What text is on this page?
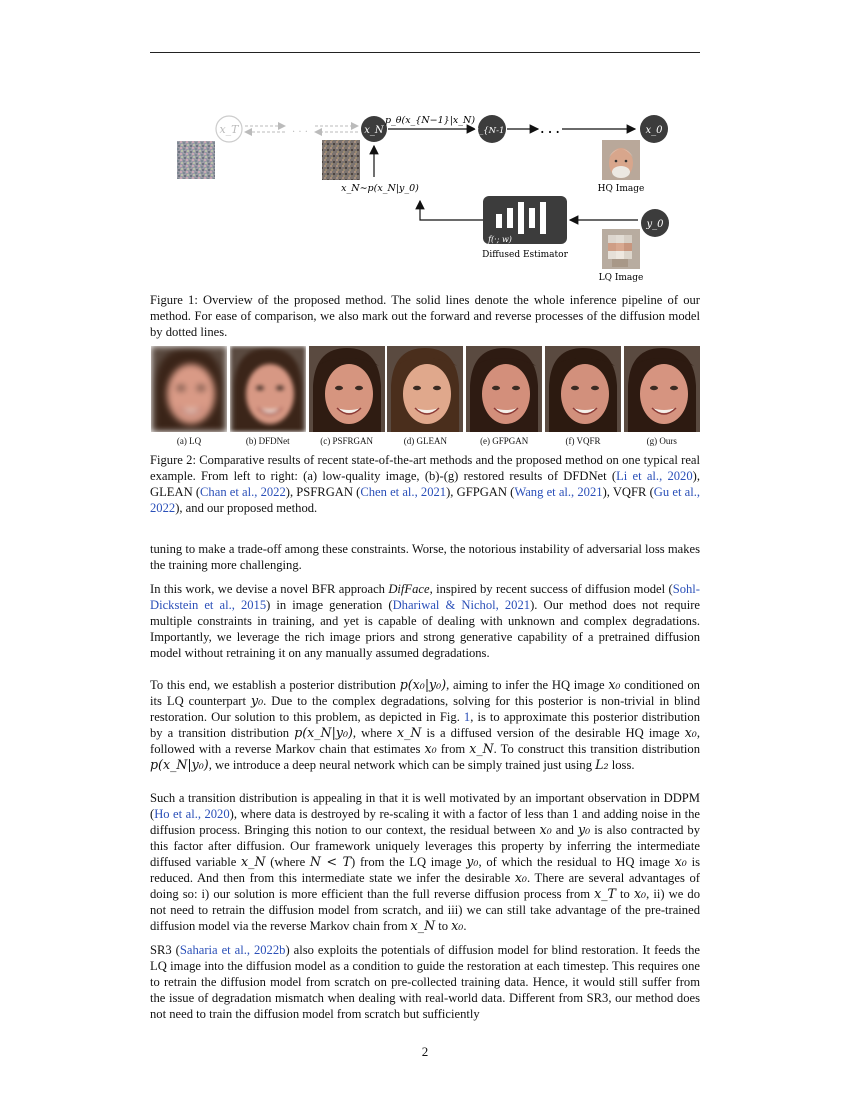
x_T	. . .	x_N
p_θ(x_{N−1}|x_N)
x_{N-1}	. . .	x_0
HQ Image
x_N∼p(x_N|y_0)
f(·; w)
Diffused Estimator
y_0
LQ Image
Figure 1: Overview of the proposed method. The solid lines denote the whole inference pipeline of our method. For ease of comparison, we also mark out the forward and reverse processes of the diffusion model by dotted lines.
(a) LQ	(b) DFDNet	(c) PSFRGAN	(d) GLEAN	(e) GFPGAN	(f) VQFR	(g) Ours
Figure 2: Comparative results of recent state-of-the-art methods and the proposed method on one typical real example. From left to right: (a) low-quality image, (b)-(g) restored results of DFDNet (Li et al., 2020), GLEAN (Chan et al., 2022), PSFRGAN (Chen et al., 2021), GFPGAN (Wang et al., 2021), VQFR (Gu et al., 2022), and our proposed method.

tuning to make a trade-off among these constraints. Worse, the notorious instability of adversarial loss makes the training more challenging.

In this work, we devise a novel BFR approach DifFace, inspired by recent success of diffusion model (Sohl-Dickstein et al., 2015) in image generation (Dhariwal & Nichol, 2021). Our method does not require multiple constraints in training, and yet is capable of dealing with unknown and complex degradations. Importantly, we leverage the rich image priors and strong generative capability of a pretrained diffusion model without retraining it on any manually assumed degradations.

To this end, we establish a posterior distribution p(x₀|y₀), aiming to infer the HQ image x₀ conditioned on its LQ counterpart y₀. Due to the complex degradations, solving for this posterior is non-trivial in blind restoration. Our solution to this problem, as depicted in Fig. 1, is to approximate this posterior distribution by a transition distribution p(x_N|y₀), where x_N is a diffused version of the desirable HQ image x₀, followed with a reverse Markov chain that estimates x₀ from x_N. To construct this transition distribution p(x_N|y₀), we introduce a deep neural network which can be simply trained just using L₂ loss.

Such a transition distribution is appealing in that it is well motivated by an important observation in DDPM (Ho et al., 2020), where data is destroyed by re-scaling it with a factor of less than 1 and adding noise in the diffusion process. Bringing this notion to our context, the residual between x₀ and y₀ is also contracted by this factor after diffusion. Our framework uniquely leverages this property by inferring the intermediate diffused variable x_N (where N < T) from the LQ image y₀, of which the residual to HQ image x₀ is reduced. And then from this intermediate state we infer the desirable x₀. There are several advantages of doing so: i) our solution is more efficient than the full reverse diffusion process from x_T to x₀, ii) we do not need to retrain the diffusion model from scratch, and iii) we can still take advantage of the pre-trained diffusion model via the reverse Markov chain from x_N to x₀.

SR3 (Saharia et al., 2022b) also exploits the potentials of diffusion model for blind restoration. It feeds the LQ image into the diffusion model as a condition to guide the restoration at each timestep. This requires one to retrain the diffusion model from scratch on pre-collected training data. Hence, it would still suffer from the issue of degradation mismatch when dealing with real-world data. Different from SR3, our method does not need to train the diffusion model from scratch but sufficiently

2
